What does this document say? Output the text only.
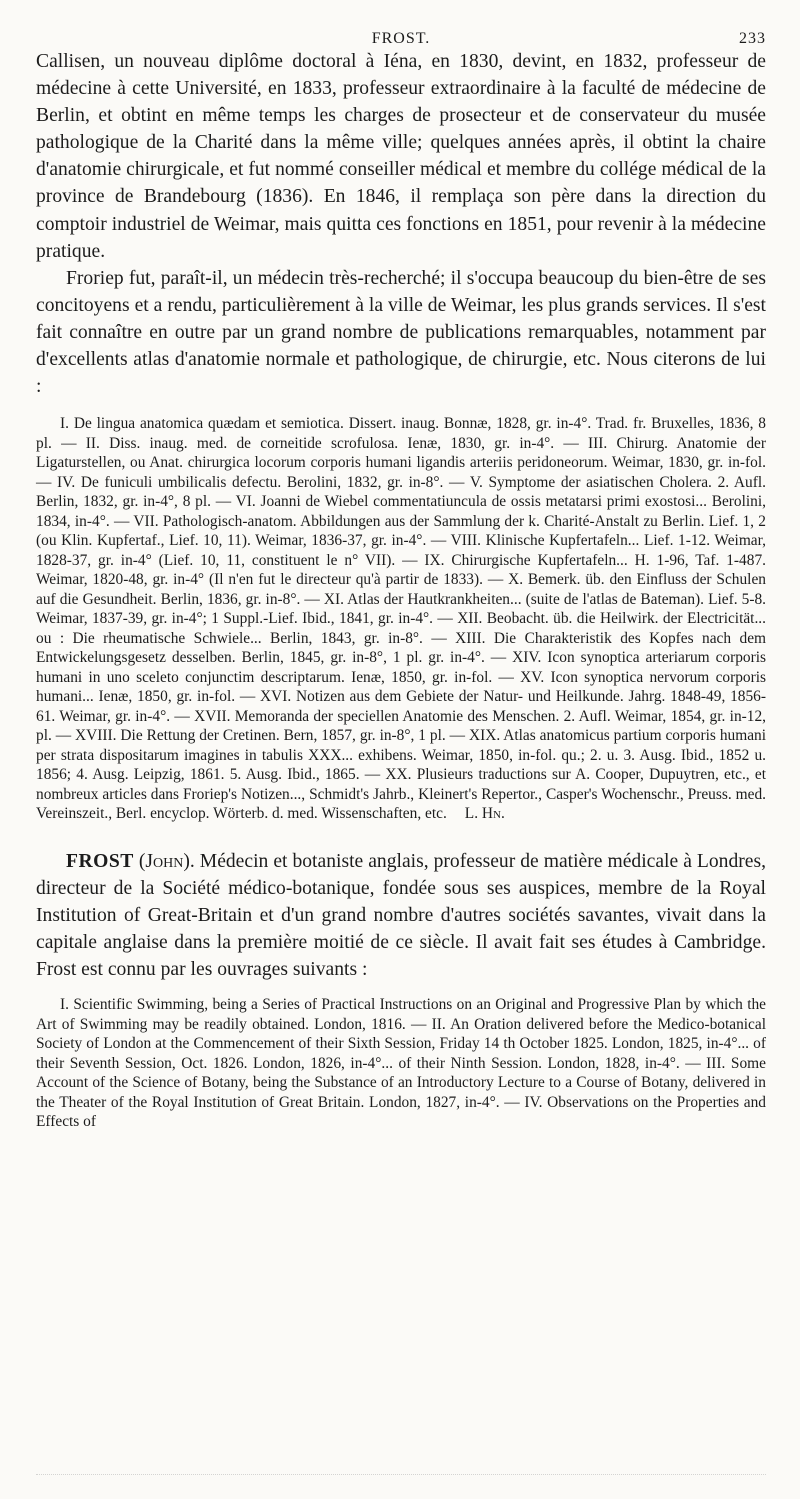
FROST.	233

Callisen, un nouveau diplôme doctoral à Iéna, en 1830, devint, en 1832, professeur de médecine à cette Université, en 1833, professeur extraordinaire à la faculté de médecine de Berlin, et obtint en même temps les charges de prosecteur et de conservateur du musée pathologique de la Charité dans la même ville; quelques années après, il obtint la chaire d'anatomie chirurgicale, et fut nommé conseiller médical et membre du collége médical de la province de Brandebourg (1836). En 1846, il remplaça son père dans la direction du comptoir industriel de Weimar, mais quitta ces fonctions en 1851, pour revenir à la médecine pratique.

Froriep fut, paraît-il, un médecin très-recherché; il s'occupa beaucoup du bien-être de ses concitoyens et a rendu, particulièrement à la ville de Weimar, les plus grands services. Il s'est fait connaître en outre par un grand nombre de publications remarquables, notamment par d'excellents atlas d'anatomie normale et pathologique, de chirurgie, etc. Nous citerons de lui :

I. De lingua anatomica quædam et semiotica. Dissert. inaug. Bonnæ, 1828, gr. in-4°. Trad. fr. Bruxelles, 1836, 8 pl. — II. Diss. inaug. med. de corneitide scrofulosa. Ienæ, 1830, gr. in-4°. — III. Chirurg. Anatomie der Ligaturstellen, ou Anat. chirurgica locorum corporis humani ligandis arteriis peridoneorum. Weimar, 1830, gr. in-fol. — IV. De funiculi umbilicalis defectu. Berolini, 1832, gr. in-8°. — V. Symptome der asiatischen Cholera. 2. Aufl. Berlin, 1832, gr. in-4°, 8 pl. — VI. Joanni de Wiebel commentatiuncula de ossis metatarsi primi exostosi... Berolini, 1834, in-4°. — VII. Pathologisch-anatom. Abbildungen aus der Sammlung der k. Charité-Anstalt zu Berlin. Lief. 1, 2 (ou Klin. Kupfertaf., Lief. 10, 11). Weimar, 1836-37, gr. in-4°. — VIII. Klinische Kupfertafeln... Lief. 1-12. Weimar, 1828-37, gr. in-4° (Lief. 10, 11, constituent le n° VII). — IX. Chirurgische Kupfertafeln... H. 1-96, Taf. 1-487. Weimar, 1820-48, gr. in-4° (Il n'en fut le directeur qu'à partir de 1833). — X. Bemerk. üb. den Einfluss der Schulen auf die Gesundheit. Berlin, 1836, gr. in-8°. — XI. Atlas der Hautkrankheiten... (suite de l'atlas de Bateman). Lief. 5-8. Weimar, 1837-39, gr. in-4°; 1 Suppl.-Lief. Ibid., 1841, gr. in-4°. — XII. Beobacht. üb. die Heilwirk. der Electricität... ou : Die rheumatische Schwiele... Berlin, 1843, gr. in-8°. — XIII. Die Charakteristik des Kopfes nach dem Entwickelungsgesetz desselben. Berlin, 1845, gr. in-8°, 1 pl. gr. in-4°. — XIV. Icon synoptica arteriarum corporis humani in uno sceleto conjunctim descriptarum. Ienæ, 1850, gr. in-fol. — XV. Icon synoptica nervorum corporis humani... Ienæ, 1850, gr. in-fol. — XVI. Notizen aus dem Gebiete der Natur- und Heilkunde. Jahrg. 1848-49, 1856-61. Weimar, gr. in-4°. — XVII. Memoranda der speciellen Anatomie des Menschen. 2. Aufl. Weimar, 1854, gr. in-12, pl. — XVIII. Die Rettung der Cretinen. Bern, 1857, gr. in-8°, 1 pl. — XIX. Atlas anatomicus partium corporis humani per strata dispositarum imagines in tabulis XXX... exhibens. Weimar, 1850, in-fol. qu.; 2. u. 3. Ausg. Ibid., 1852 u. 1856; 4. Ausg. Leipzig, 1861. 5. Ausg. Ibid., 1865. — XX. Plusieurs traductions sur A. Cooper, Dupuytren, etc., et nombreux articles dans Froriep's Notizen..., Schmidt's Jahrb., Kleinert's Repertor., Casper's Wochenschr., Preuss. med. Vereinszeit., Berl. encyclop. Wörterb. d. med. Wissenschaften, etc. L. Hn.

FROST (John). Médecin et botaniste anglais, professeur de matière médicale à Londres, directeur de la Société médico-botanique, fondée sous ses auspices, membre de la Royal Institution of Great-Britain et d'un grand nombre d'autres sociétés savantes, vivait dans la capitale anglaise dans la première moitié de ce siècle. Il avait fait ses études à Cambridge. Frost est connu par les ouvrages suivants :

I. Scientific Swimming, being a Series of Practical Instructions on an Original and Progressive Plan by which the Art of Swimming may be readily obtained. London, 1816. — II. An Oration delivered before the Medico-botanical Society of London at the Commencement of their Sixth Session, Friday 14 th October 1825. London, 1825, in-4°... of their Seventh Session, Oct. 1826. London, 1826, in-4°... of their Ninth Session. London, 1828, in-4°. — III. Some Account of the Science of Botany, being the Substance of an Introductory Lecture to a Course of Botany, delivered in the Theater of the Royal Institution of Great Britain. London, 1827, in-4°. — IV. Observations on the Properties and Effects of
